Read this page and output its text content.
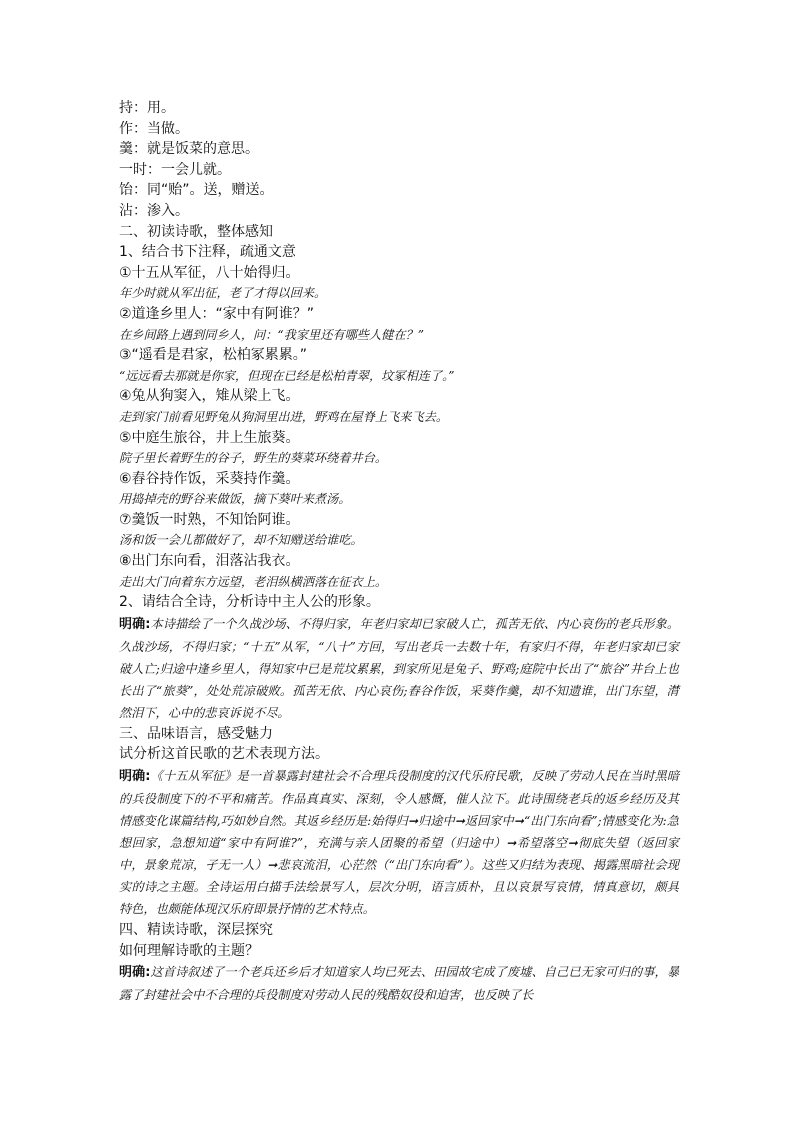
持：用。

作：当做。

羹：就是饭菜的意思。

一时：一会儿就。

饴：同“贻”。送，赠送。

沾：渗入。

二、初读诗歌，整体感知

1、结合书下注释，疏通文意

①十五从军征，八十始得归。

年少时就从军出征，老了才得以回来。

②道逢乡里人：“家中有阿谁？”

在乡间路上遇到同乡人，问：“我家里还有哪些人健在？”

③“遥看是君家，松柏冢累累。”

“远远看去那就是你家，但现在已经是松柏青翠，坟冢相连了。”

④兔从狗窦入，雉从梁上飞。

走到家门前看见野兔从狗洞里出进，野鸡在屋脊上飞来飞去。

⑤中庭生旅谷，井上生旅葵。

院子里长着野生的谷子，野生的葵菜环绕着井台。

⑥舂谷持作饭，采葵持作羹。

用捣掉壳的野谷来做饭，摘下葵叶来煮汤。

⑦羹饭一时熟，不知饴阿谁。

汤和饭一会儿都做好了，却不知赠送给谁吃。

⑧出门东向看，泪落沾我衣。

走出大门向着东方远望，老泪纵横洒落在征衣上。

2、请结合全诗，分析诗中主人公的形象。

明确:本诗描绘了一个久战沙场、不得归家，年老归家却已家破人亡，孤苦无依、内心哀伤的老兵形象。久战沙场，不得归家；“十五”从军，“八十”方回，写出老兵一去数十年，有家归不得，年老归家却已家破人亡;归途中逢乡里人，得知家中已是荒坟累累，到家所见是兔子、野鸡;庭院中长出了“旅谷”井台上也长出了“旅葵”，处处荒凉破败。孤苦无依、内心哀伤;舂谷作饭，采葵作羹，却不知遗谁，出门东望，潸然泪下，心中的悲哀诉说不尽。

三、品味语言，感受魅力

试分析这首民歌的艺术表现方法。

明确:《十五从军征》是一首暴露封建社会不合理兵役制度的汉代乐府民歌，反映了劳动人民在当时黑暗的兵役制度下的不平和痛苦。作品真真实、深刻，令人感慨，催人泣下。此诗围绕老兵的返乡经历及其情感变化谋篇结构,巧如妙自然。其返乡经历是:始得归➞归途中➞返回家中➞“出门东向看”;情感变化为:急想回家，急想知道“家中有阿谁?”，充满与亲人团聚的希望（归途中）➞希望落空➞彻底失望（返回家中，景象荒凉，孑无一人）➞悲哀流泪，心茫然（“出门东向看”）。这些又归结为表现、揭露黑暗社会现实的诗之主题。全诗运用白描手法绘景写人，层次分明，语言质朴，且以哀景写哀情，情真意切，颇具特色，也颇能体现汉乐府即景抒情的艺术特点。

四、精读诗歌，深层探究

如何理解诗歌的主题？

明确:这首诗叙述了一个老兵还乡后才知道家人均已死去、田园故宅成了废墟、自己已无家可归的事，暴露了封建社会中不合理的兵役制度对劳动人民的残酷奴役和迫害，也反映了长
